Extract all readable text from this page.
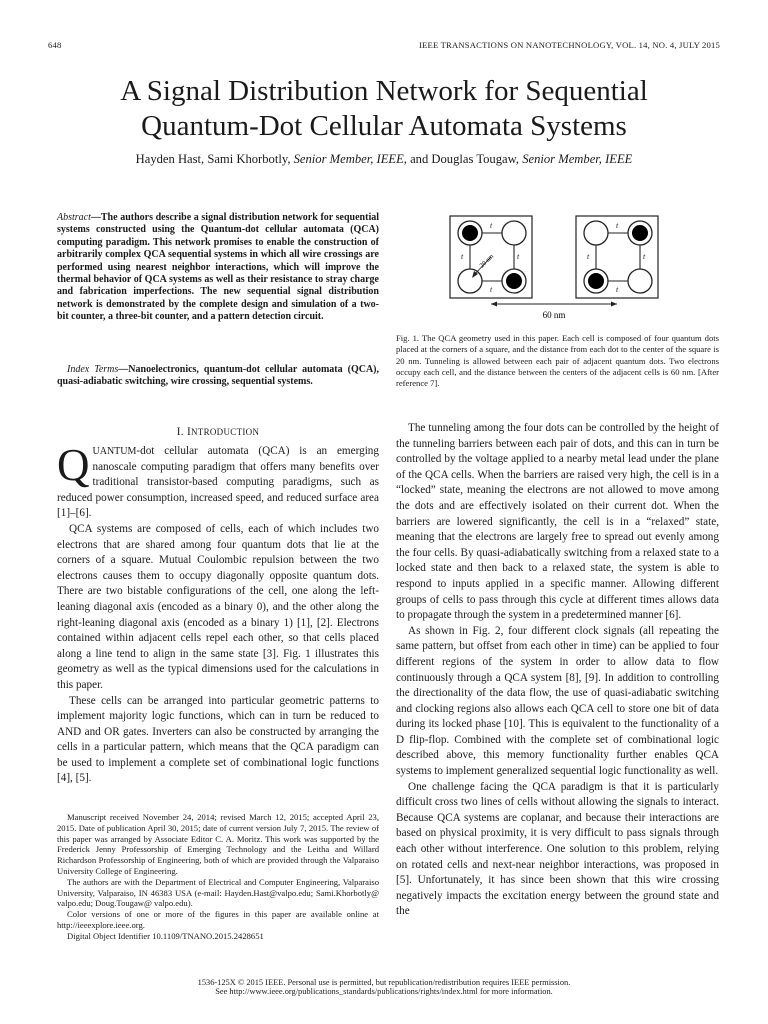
648	IEEE TRANSACTIONS ON NANOTECHNOLOGY, VOL. 14, NO. 4, JULY 2015
A Signal Distribution Network for Sequential
Quantum-Dot Cellular Automata Systems
Hayden Hast, Sami Khorbotly, Senior Member, IEEE, and Douglas Tougaw, Senior Member, IEEE
Abstract—The authors describe a signal distribution network for sequential systems constructed using the Quantum-dot cellular automata (QCA) computing paradigm. This network promises to enable the construction of arbitrarily complex QCA sequential systems in which all wire crossings are performed using nearest neighbor interactions, which will improve the thermal behavior of QCA systems as well as their resistance to stray charge and fabrication imperfections. The new sequential signal distribution network is demonstrated by the complete design and simulation of a two-bit counter, a three-bit counter, and a pattern detection circuit.
Index Terms—Nanoelectronics, quantum-dot cellular automata (QCA), quasi-adiabatic switching, wire crossing, sequential systems.
20 nm
t
t
t	t
t
t
t	t
60 nm
Fig. 1. The QCA geometry used in this paper. Each cell is composed of four quantum dots placed at the corners of a square, and the distance from each dot to the center of the square is 20 nm. Tunneling is allowed between each pair of adjacent quantum dots. Two electrons occupy each cell, and the distance between the centers of the adjacent cells is 60 nm. [After reference 7].
I. INTRODUCTION

QUANTUM-dot cellular automata (QCA) is an emerging nanoscale computing paradigm that offers many benefits over traditional transistor-based computing paradigms, such as reduced power consumption, increased speed, and reduced surface area [1]–[6].

QCA systems are composed of cells, each of which includes two electrons that are shared among four quantum dots that lie at the corners of a square. Mutual Coulombic repulsion between the two electrons causes them to occupy diagonally opposite quantum dots. There are two bistable configurations of the cell, one along the left-leaning diagonal axis (encoded as a binary 0), and the other along the right-leaning diagonal axis (encoded as a binary 1) [1], [2]. Electrons contained within adjacent cells repel each other, so that cells placed along a line tend to align in the same state [3]. Fig. 1 illustrates this geometry as well as the typical dimensions used for the calculations in this paper.

These cells can be arranged into particular geometric patterns to implement majority logic functions, which can in turn be reduced to AND and OR gates. Inverters can also be constructed by arranging the cells in a particular pattern, which means that the QCA paradigm can be used to implement a complete set of combinational logic functions [4], [5].

Manuscript received November 24, 2014; revised March 12, 2015; accepted April 23, 2015. Date of publication April 30, 2015; date of current version July 7, 2015. The review of this paper was arranged by Associate Editor C. A. Moritz. This work was supported by the Frederick Jenny Professorship of Emerging Technology and the Leitha and Willard Richardson Professorship of Engineering, both of which are provided through the Valparaiso University College of Engineering.

The authors are with the Department of Electrical and Computer Engineering, Valparaiso University, Valparaiso, IN 46383 USA (e-mail: Hayden.Hast@valpo.edu; Sami.Khorbotly@ valpo.edu; Doug.Tougaw@ valpo.edu).

Color versions of one or more of the figures in this paper are available online at http://ieeexplore.ieee.org.

Digital Object Identifier 10.1109/TNANO.2015.2428651

The tunneling among the four dots can be controlled by the height of the tunneling barriers between each pair of dots, and this can in turn be controlled by the voltage applied to a nearby metal lead under the plane of the QCA cells. When the barriers are raised very high, the cell is in a “locked” state, meaning the electrons are not allowed to move among the dots and are effectively isolated on their current dot. When the barriers are lowered significantly, the cell is in a “relaxed” state, meaning that the electrons are largely free to spread out evenly among the four cells. By quasi-adiabatically switching from a relaxed state to a locked state and then back to a relaxed state, the system is able to respond to inputs applied in a specific manner. Allowing different groups of cells to pass through this cycle at different times allows data to propagate through the system in a predetermined manner [6].

As shown in Fig. 2, four different clock signals (all repeating the same pattern, but offset from each other in time) can be applied to four different regions of the system in order to allow data to flow continuously through a QCA system [8], [9]. In addition to controlling the directionality of the data flow, the use of quasi-adiabatic switching and clocking regions also allows each QCA cell to store one bit of data during its locked phase [10]. This is equivalent to the functionality of a D flip-flop. Combined with the complete set of combinational logic described above, this memory functionality further enables QCA systems to implement generalized sequential logic functionality as well.

One challenge facing the QCA paradigm is that it is particularly difficult cross two lines of cells without allowing the signals to interact. Because QCA systems are coplanar, and because their interactions are based on physical proximity, it is very difficult to pass signals through each other without interference. One solution to this problem, relying on rotated cells and next-near neighbor interactions, was proposed in [5]. Unfortunately, it has since been shown that this wire crossing negatively impacts the excitation energy between the ground state and the

1536-125X © 2015 IEEE. Personal use is permitted, but republication/redistribution requires IEEE permission.
See http://www.ieee.org/publications_standards/publications/rights/index.html for more information.
